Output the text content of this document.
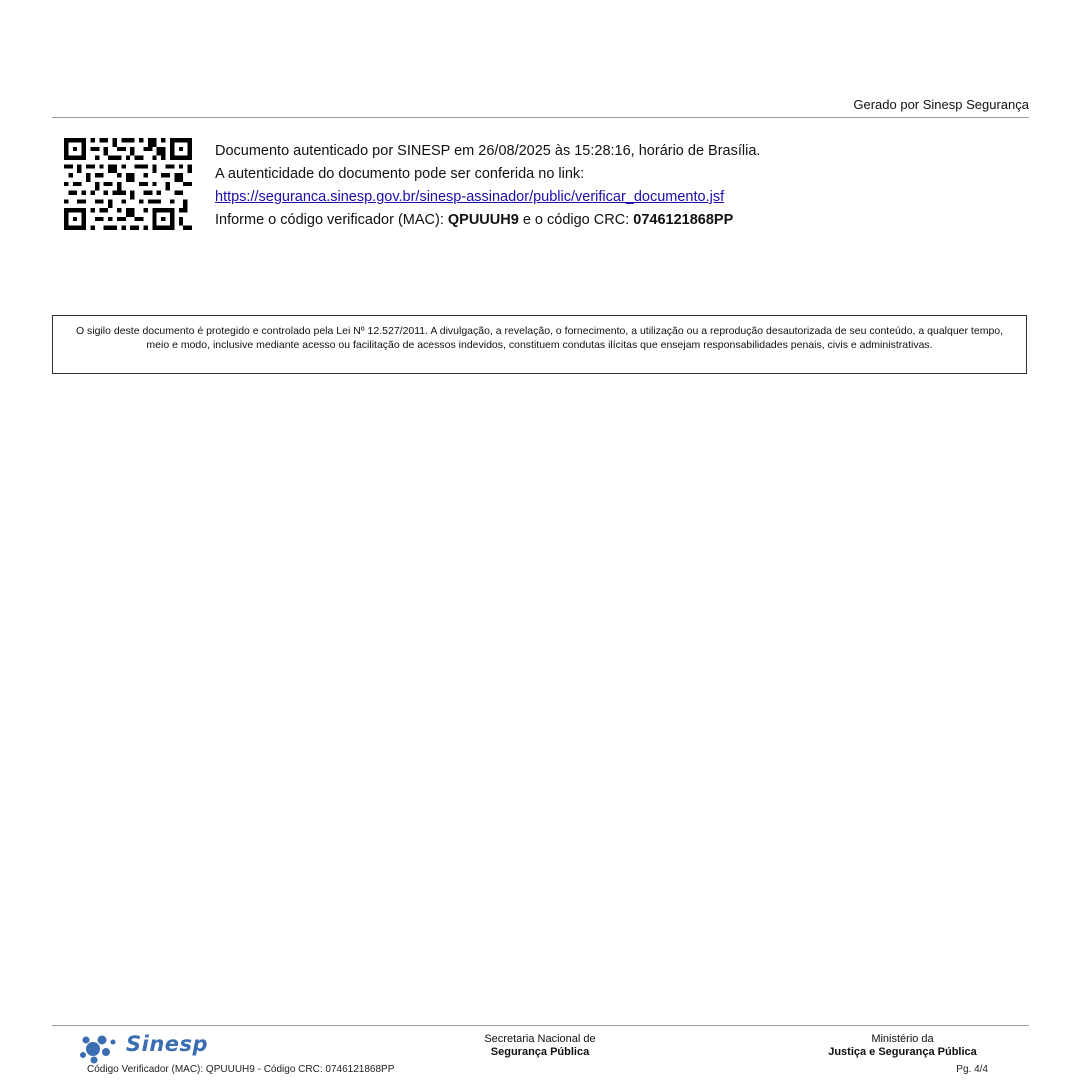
Gerado por Sinesp Segurança
Documento autenticado por SINESP em 26/08/2025 às 15:28:16, horário de Brasília.
A autenticidade do documento pode ser conferida no link:
https://seguranca.sinesp.gov.br/sinesp-assinador/public/verificar_documento.jsf
Informe o código verificador (MAC): QPUUUH9 e o código CRC: 0746121868PP
O sigilo deste documento é protegido e controlado pela Lei Nº 12.527/2011. A divulgação, a revelação, o fornecimento, a utilização ou a reprodução desautorizada de seu conteúdo, a qualquer tempo, meio e modo, inclusive mediante acesso ou facilitação de acessos indevidos, constituem condutas ilícitas que ensejam responsabilidades penais, civis e administrativas.
Sinesp	Secretaria Nacional de
Segurança Pública
Ministério da
Justiça e Segurança Pública
Código Verificador (MAC): QPUUUH9 - Código CRC: 0746121868PP	Pg. 4/4
